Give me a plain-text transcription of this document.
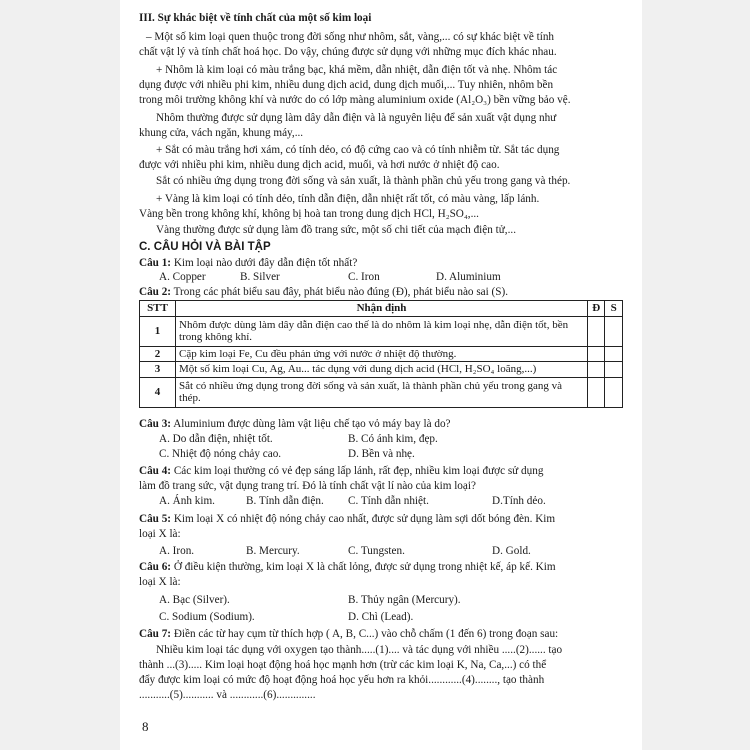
III. Sự khác biệt về tính chất của một số kim loại
– Một số kim loại quen thuộc trong đời sống như nhôm, sắt, vàng,... có sự khác biệt về tính
chất vật lý và tính chất hoá học. Do vậy, chúng được sử dụng với những mục đích khác nhau.
+ Nhôm là kim loại có màu trắng bạc, khá mềm, dẫn nhiệt, dẫn điện tốt và nhẹ. Nhôm tác
dụng được với nhiều phi kim, nhiều dung dịch acid, dung dịch muối,... Tuy nhiên, nhôm bền
trong môi trường không khí và nước do có lớp màng aluminium oxide (Al₂O₃) bền vững bảo vệ.
Nhôm thường được sử dụng làm dây dẫn điện và là nguyên liệu để sản xuất vật dụng như
khung cửa, vách ngăn, khung máy,...
+ Sắt có màu trắng hơi xám, có tính dẻo, có độ cứng cao và có tính nhiễm từ. Sắt tác dụng
được với nhiều phi kim, nhiều dung dịch acid, muối, và hơi nước ở nhiệt độ cao.
Sắt có nhiều ứng dụng trong đời sống và sản xuất, là thành phần chủ yếu trong gang và thép.
+ Vàng là kim loại có tính dẻo, tính dẫn điện, dẫn nhiệt rất tốt, có màu vàng, lấp lánh.
Vàng bền trong không khí, không bị hoà tan trong dung dịch HCl, H₂SO₄,...
Vàng thường được sử dụng làm đồ trang sức, một số chi tiết của mạch điện tử,...
C. CÂU HỎI VÀ BÀI TẬP
Câu 1: Kim loại nào dưới đây dẫn điện tốt nhất?
A. Copper	B. Silver	C. Iron	D. Aluminium
Câu 2: Trong các phát biểu sau đây, phát biểu nào đúng (Đ), phát biểu nào sai (S).
STT	Nhận định	Đ	S
1	Nhôm được dùng làm dây dẫn điện cao thế là do nhôm là kim loại nhẹ, dẫn điện tốt, bền trong không khí.		
2	Cặp kim loại Fe, Cu đều phản ứng với nước ở nhiệt độ thường.		
3	Một số kim loại Cu, Ag, Au... tác dụng với dung dịch acid (HCl, H₂SO₄ loãng,...)		
4	Sắt có nhiều ứng dụng trong đời sống và sản xuất, là thành phần chủ yếu trong gang và thép.		
Câu 3: Aluminium được dùng làm vật liệu chế tạo vỏ máy bay là do?
A. Do dẫn điện, nhiệt tốt.	B. Có ánh kim, đẹp.
C. Nhiệt độ nóng chảy cao.	D. Bền và nhẹ.
Câu 4: Các kim loại thường có vẻ đẹp sáng lấp lánh, rất đẹp, nhiều kim loại được sử dụng
làm đồ trang sức, vật dụng trang trí. Đó là tính chất vật lí nào của kim loại?
A. Ánh kim.	B. Tính dẫn điện. C. Tính dẫn nhiệt.	D.Tính dẻo.
Câu 5: Kim loại X có nhiệt độ nóng chảy cao nhất, được sử dụng làm sợi dốt bóng đèn. Kim
loại X là:
A. Iron.	B. Mercury.	C. Tungsten.	D. Gold.
Câu 6: Ở điều kiện thường, kim loại X là chất lỏng, được sử dụng trong nhiệt kế, áp kế. Kim
loại X là:
A. Bạc (Silver).	B. Thủy ngân (Mercury).
C. Sodium (Sodium).	D. Chì (Lead).
Câu 7: Điền các từ hay cụm từ thích hợp ( A, B, C...) vào chỗ chấm (1 đến 6) trong đoạn sau:
Nhiều kim loại tác dụng với oxygen tạo thành.....(1).... và tác dụng với nhiều .....(2)...... tạo
thành ...(3)..... Kim loại hoạt động hoá học mạnh hơn (trừ các kim loại K, Na, Ca,...) có thể
đẩy được kim loại có mức độ hoạt động hoá học yếu hơn ra khỏi............(4)........, tạo thành
...........(5)........... và ............(6)..............
8
